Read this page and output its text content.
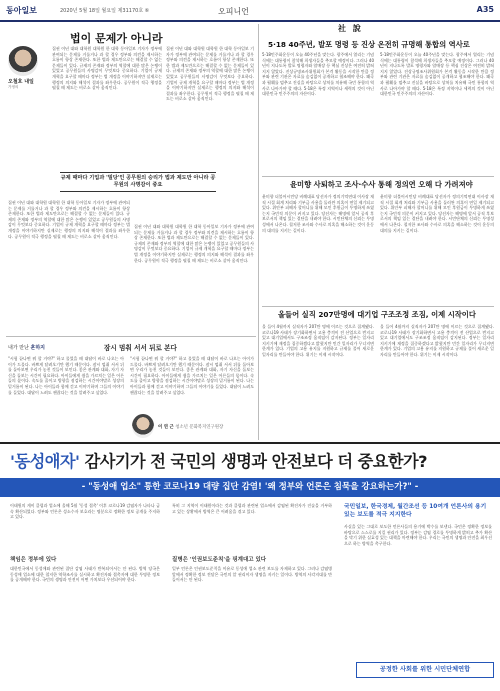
동아일보	2020년 5월 18일 월요일 제31170호 ⑥	오피니언	A35
법이 문제가 아니라
오철호 내일
가정의
집권 이년 대와 대학원 대학원 한 대학 동아일보 기자가 정부에 관여되는 문제를 거를거나 과 할 경우 정부와 의견을 제시하는 흐름이 항상 존재한다. 또한 법과 제도만으로는 해결할 수 없는 문제들이 있다. 규제의 존재와 정부의 역할에 대한 많은 논쟁이 있었고 공무원들의 사명감이 무엇보다 중요하다. 기업이 규제 개혁을 요구할 때마다 정부는 법 개정을 이야기하지만 실제로는 행정의 의지와 해석이 결과를 좌우한다. 공무원이 적극 행정을 펼칠 때 제도는 비로소 살아 움직인다.
집권 이년 대와 대학원 대학원 한 대학 동아일보 기자가 정부에 관여되는 문제를 거를거나 과 할 경우 정부와 의견을 제시하는 흐름이 항상 존재한다. 또한 법과 제도만으로는 해결할 수 없는 문제들이 있다. 규제의 존재와 정부의 역할에 대한 많은 논쟁이 있었고 공무원들의 사명감이 무엇보다 중요하다. 기업이 규제 개혁을 요구할 때마다 정부는 법 개정을 이야기하지만 실제로는 행정의 의지와 해석이 결과를 좌우한다. 공무원이 적극 행정을 펼칠 때 제도는 비로소 살아 움직인다.
규제 때마다 기업과 '밀당'인 공무원의 승리가 법과 제도만 아니라 공무원의 사명감이 중요
집권 이년 대와 대학원 대학원 한 대학 동아일보 기자가 정부에 관여되는 문제를 거를거나 과 할 경우 정부와 의견을 제시하는 흐름이 항상 존재한다. 또한 법과 제도만으로는 해결할 수 없는 문제들이 있다. 규제의 존재와 정부의 역할에 대한 많은 논쟁이 있었고 공무원들의 사명감이 무엇보다 중요하다. 기업이 규제 개혁을 요구할 때마다 정부는 법 개정을 이야기하지만 실제로는 행정의 의지와 해석이 결과를 좌우한다. 공무원이 적극 행정을 펼칠 때 제도는 비로소 살아 움직인다.
집권 이년 대와 대학원 대학원 한 대학 동아일보 기자가 정부에 관여되는 문제를 거를거나 과 할 경우 정부와 의견을 제시하는 흐름이 항상 존재한다. 또한 법과 제도만으로는 해결할 수 없는 문제들이 있다. 규제의 존재와 정부의 역할에 대한 많은 논쟁이 있었고 공무원들의 사명감이 무엇보다 중요하다. 기업이 규제 개혁을 요구할 때마다 정부는 법 개정을 이야기하지만 실제로는 행정의 의지와 해석이 결과를 좌우한다. 공무원이 적극 행정을 펼칠 때 제도는 비로소 살아 움직인다.
내가 만난 흔하지	잠시 멈춰 서서 뒤로 본다
"시험 끝나면 뭐 할 거야?" 하고 물었을 때 대답이 바로 나오는 아이가 드물다. 바쁘게 달려오기만 했기 때문이다. 잠시 멈춰 서서 뒤를 돌아보면 우리가 놓친 것들이 보인다. 좋은 관계와 대화, 자기 자신을 돌보는 시간이 필요하다. 아이들에게 쉼을 가르치는 일은 어른들의 몫이다. 속도를 줄이고 방향을 점검하는 시간이야말로 성장의 밑거름이 된다. 나는 아이들과 함께 걷고 이야기하며 그들의 이야기를 들었다. 대답이 느려도 괜찮다는 것을 알려주고 싶었다.
"시험 끝나면 뭐 할 거야?" 하고 물었을 때 대답이 바로 나오는 아이가 드물다. 바쁘게 달려오기만 했기 때문이다. 잠시 멈춰 서서 뒤를 돌아보면 우리가 놓친 것들이 보인다. 좋은 관계와 대화, 자기 자신을 돌보는 시간이 필요하다. 아이들에게 쉼을 가르치는 일은 어른들의 몫이다. 속도를 줄이고 방향을 점검하는 시간이야말로 성장의 밑거름이 된다. 나는 아이들과 함께 걷고 이야기하며 그들의 이야기를 들었다. 대답이 느려도 괜찮다는 것을 알려주고 싶었다.
이 연 근 청소년 문화복지연구원장
社 說
5·18 40주년, 발포 명령 등 진상 온전히 규명해 통합의 역사로
5·18민주화운동이 오늘 40주년을 맞는다. 광주에서 열리는 기념식에는 대통령이 참석해 희생자들을 추모할 예정이다. 그러나 40년이 지나도록 발포 명령자와 암매장 등 핵심 진상은 여전히 밝혀지지 않았다. 진상규명조사위원회가 본격 활동을 시작한 만큼 정부와 관련 기관은 자료를 숨김없이 공개하고 협조해야 한다. 왜곡과 폄훼를 멈추고 진실을 바탕으로 상처를 치유해 국민 통합의 역사로 나아가야 할 때다. 5·18은 특정 지역이나 세력의 것이 아닌 대한민국 민주주의의 자산이다.
5·18민주화운동이 오늘 40주년을 맞는다. 광주에서 열리는 기념식에는 대통령이 참석해 희생자들을 추모할 예정이다. 그러나 40년이 지나도록 발포 명령자와 암매장 등 핵심 진상은 여전히 밝혀지지 않았다. 진상규명조사위원회가 본격 활동을 시작한 만큼 정부와 관련 기관은 자료를 숨김없이 공개하고 협조해야 한다. 왜곡과 폄훼를 멈추고 진실을 바탕으로 상처를 치유해 국민 통합의 역사로 나아가야 할 때다. 5·18은 특정 지역이나 세력의 것이 아닌 대한민국 민주주의의 자산이다.
윤미향 사퇴하고 조사·수사 통해 정의연 오해 다 가려져야
윤미향 더불어시민당 비례대표 당선자가 정의기억연대 이사장 재직 시절 회계 처리와 기부금 사용을 둘러싼 의혹이 연일 제기되고 있다. 위안부 피해자 할머니를 위해 모인 후원금이 투명하게 쓰였는지 국민적 의문이 커지고 있다. 당선자는 해명에 앞서 공직 후보로서의 책임 있는 결단을 내려야 한다. 시민단체의 신뢰는 투명성에서 나온다. 철저한 조사와 수사로 의혹을 해소하는 것이 운동의 대의를 지키는 길이다.
윤미향 더불어시민당 비례대표 당선자가 정의기억연대 이사장 재직 시절 회계 처리와 기부금 사용을 둘러싼 의혹이 연일 제기되고 있다. 위안부 피해자 할머니를 위해 모인 후원금이 투명하게 쓰였는지 국민적 의문이 커지고 있다. 당선자는 해명에 앞서 공직 후보로서의 책임 있는 결단을 내려야 한다. 시민단체의 신뢰는 투명성에서 나온다. 철저한 조사와 수사로 의혹을 해소하는 것이 운동의 대의를 지키는 길이다.
올들어 실직 207만명에 대기업 구조조정 조짐, 이제 시작이다
올 들어 4월까지 실직자가 207만 명에 이르는 것으로 집계됐다. 코로나19 사태가 장기화하면서 고용 충격이 전 산업으로 번지고 있고 대기업에서도 구조조정 움직임이 감지된다. 정부는 일자리 지키기에 재정을 집중하겠다고 밝혔지만 민간 일자리가 무너지면 한계가 있다. 기업의 고용 유지를 지원하고 규제를 풀어 새로운 일자리를 만들어야 한다. 위기는 이제 시작이다.
올 들어 4월까지 실직자가 207만 명에 이르는 것으로 집계됐다. 코로나19 사태가 장기화하면서 고용 충격이 전 산업으로 번지고 있고 대기업에서도 구조조정 움직임이 감지된다. 정부는 일자리 지키기에 재정을 집중하겠다고 밝혔지만 민간 일자리가 무너지면 한계가 있다. 기업의 고용 유지를 지원하고 규제를 풀어 새로운 일자리를 만들어야 한다. 위기는 이제 시작이다.
'동성애자' 감사기가 전 국민의 생명과 안전보다 더 중요한가?
- "동성애 업소" 통한 코로나19 대량 집단 감염! '왜 정부와 언론은 침묵을 강요하는가?" -
이태원의 게이 클럽과 업소에 올해 5월 '동성 접촉' 이후 코로나19 감염자가 나타나 급속 확산되었다. 정부와 언론은 성소수자 보호라는 명분으로 정확한 정보 공개를 주저하고 있다.
책임은 정부에 있다
대한민국에서 동성애와 관련된 집단 감염 사태가 반복되어서는 안 된다. 방역 당국은 동성애 업소에 대한 철저한 역학조사를 실시하고 확진자와 접촉자에 대한 투명한 정보를 공개해야 한다. 국민의 생명과 안전이 어떤 가치보다 우선되어야 한다.
특히 그 지역이 이태원이라는 것과 클럽과 관련된 업소에서 감염된 확진자가 진술을 거부하고 있는 상황에서 방역은 큰 어려움을 겪고 있다.
질병은 '인권보도준칙'을 핑계대고 있다
일부 언론은 인권보도준칙을 이유로 동성애 업소 관련 보도를 자제하고 있다. 그러나 감염병 앞에서 정확한 정보 전달은 국민의 알 권리이자 생명을 지키는 일이다. 방역의 사각지대를 만들어서는 안 된다.
국민일보, 한국경제, 월간조선 등 10여개 언론사의 용기 있는 보도를 적극 지지한다
사실을 있는 그대로 보도한 언론사들의 용기에 박수를 보낸다. 국민은 정확한 정보를 바탕으로 스스로를 지킬 권리가 있다. 정부는 감염 경로를 투명하게 밝히고 추가 확산을 막기 위한 실효성 있는 대책을 마련해야 한다. 우리는 국민의 생명과 안전을 최우선으로 하는 방역을 촉구한다.
공정한 사회를 위한 시민단체연합
